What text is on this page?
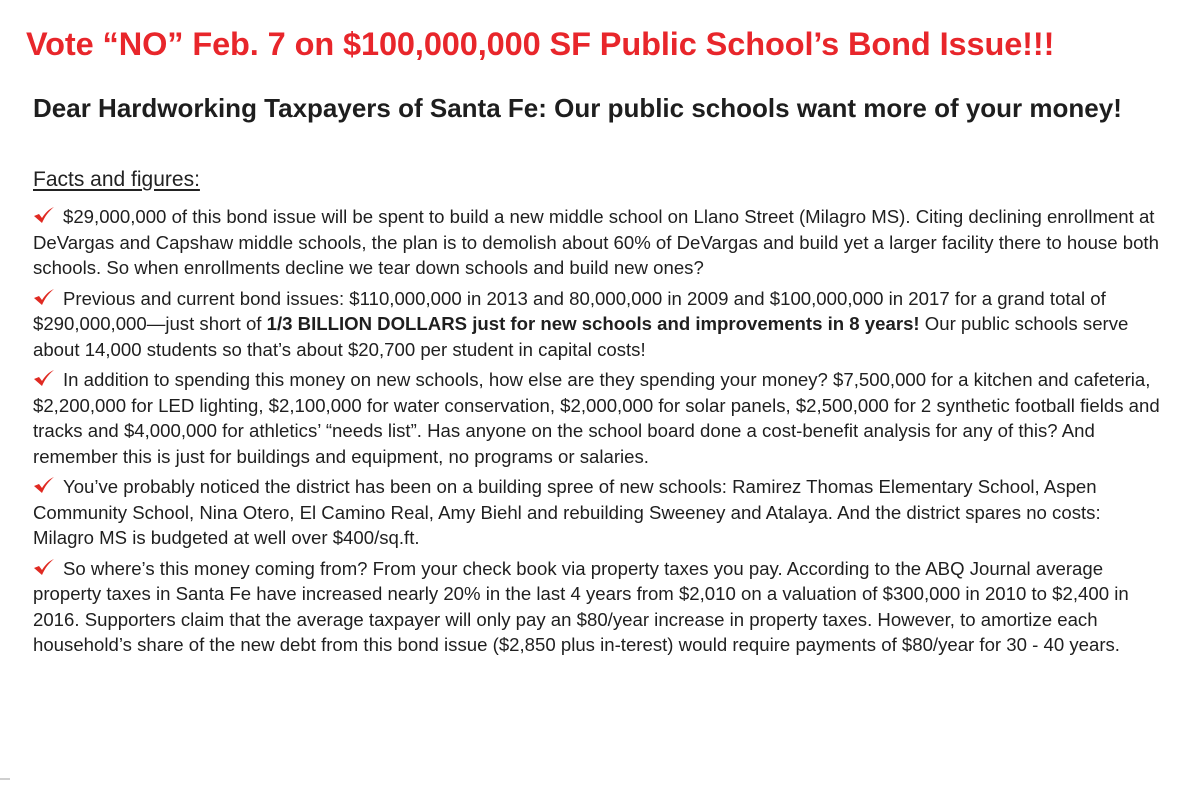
Vote “NO” Feb. 7 on $100,000,000 SF Public School’s Bond Issue!!!
Dear Hardworking Taxpayers of Santa Fe: Our public schools want more of your money!

Facts and figures:

$29,000,000 of this bond issue will be spent to build a new middle school on Llano Street (Milagro MS). Citing declining enrollment at DeVargas and Capshaw middle schools, the plan is to demolish about 60% of DeVargas and build yet a larger facility there to house both schools. So when enrollments decline we tear down schools and build new ones?
Previous and current bond issues: $110,000,000 in 2013 and 80,000,000 in 2009 and $100,000,000 in 2017 for a grand total of $290,000,000—just short of 1/3 BILLION DOLLARS just for new schools and improvements in 8 years! Our public schools serve about 14,000 students so that’s about $20,700 per student in capital costs!
In addition to spending this money on new schools, how else are they spending your money? $7,500,000 for a kitchen and cafeteria, $2,200,000 for LED lighting, $2,100,000 for water conservation, $2,000,000 for solar panels, $2,500,000 for 2 synthetic football fields and tracks and $4,000,000 for athletics’ “needs list”. Has anyone on the school board done a cost-benefit analysis for any of this? And remember this is just for buildings and equipment, no programs or salaries.
You’ve probably noticed the district has been on a building spree of new schools: Ramirez Thomas Elementary School, Aspen Community School, Nina Otero, El Camino Real, Amy Biehl and rebuilding Sweeney and Atalaya. And the district spares no costs: Milagro MS is budgeted at well over $400/sq.ft.
So where’s this money coming from? From your check book via property taxes you pay. According to the ABQ Journal average property taxes in Santa Fe have increased nearly 20% in the last 4 years from $2,010 on a valuation of $300,000 in 2010 to $2,400 in 2016. Supporters claim that the average taxpayer will only pay an $80/year increase in property taxes. However, to amortize each household’s share of the new debt from this bond issue ($2,850 plus in-terest) would require payments of $80/year for 30 - 40 years.
